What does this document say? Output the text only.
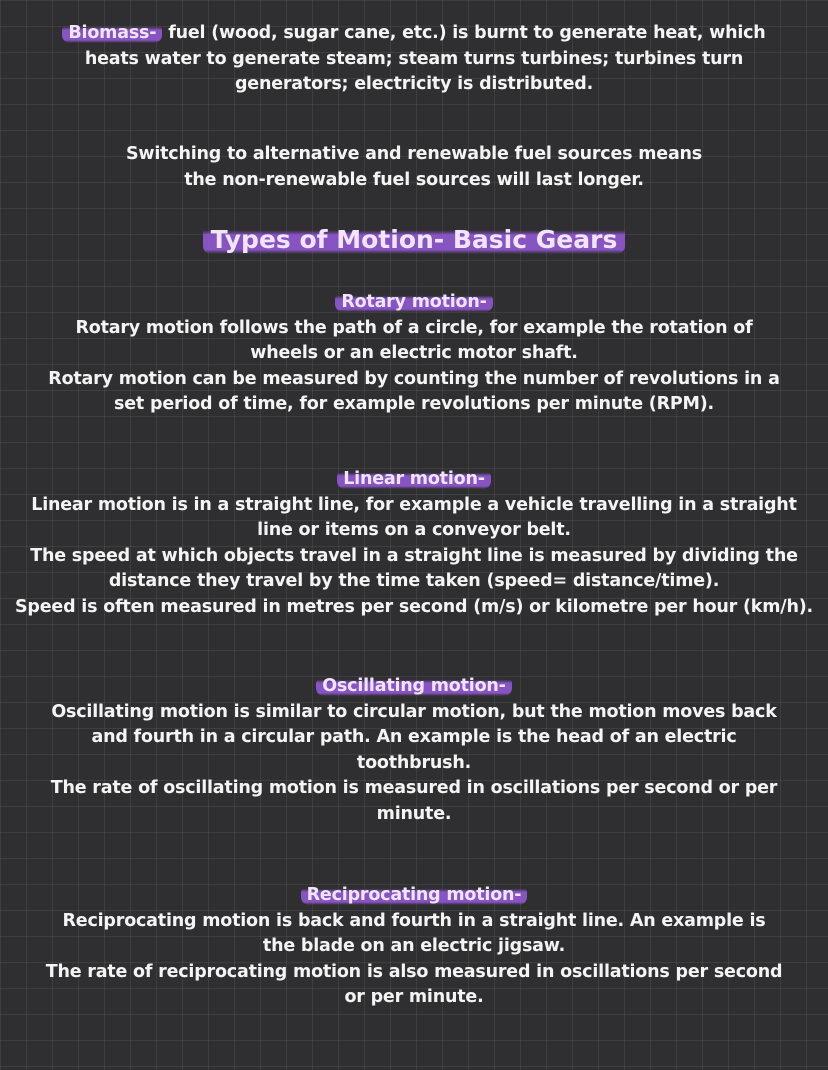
Biomass- fuel (wood, sugar cane, etc.) is burnt to generate heat, which
heats water to generate steam; steam turns turbines; turbines turn
generators; electricity is distributed.
Switching to alternative and renewable fuel sources means
the non-renewable fuel sources will last longer.
Types of Motion- Basic Gears
Rotary motion-
Rotary motion follows the path of a circle, for example the rotation of
wheels or an electric motor shaft.
Rotary motion can be measured by counting the number of revolutions in a
set period of time, for example revolutions per minute (RPM).
Linear motion-
Linear motion is in a straight line, for example a vehicle travelling in a straight
line or items on a conveyor belt.
The speed at which objects travel in a straight line is measured by dividing the
distance they travel by the time taken (speed= distance/time).
Speed is often measured in metres per second (m/s) or kilometre per hour (km/h).
Oscillating motion-
Oscillating motion is similar to circular motion, but the motion moves back
and fourth in a circular path. An example is the head of an electric
toothbrush.
The rate of oscillating motion is measured in oscillations per second or per
minute.
Reciprocating motion-
Reciprocating motion is back and fourth in a straight line. An example is
the blade on an electric jigsaw.
The rate of reciprocating motion is also measured in oscillations per second
or per minute.
